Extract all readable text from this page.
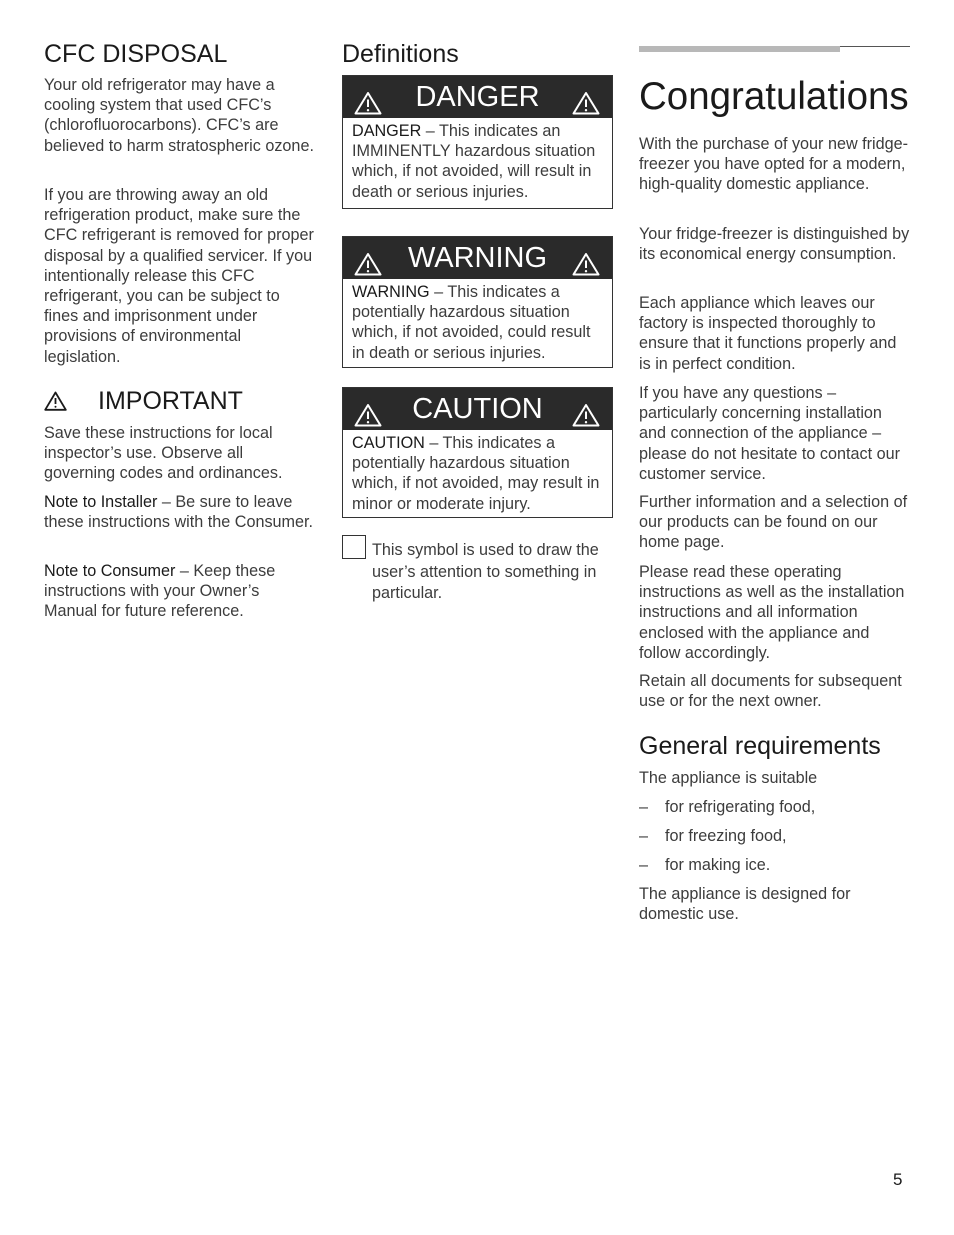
CFC DISPOSAL

Your old refrigerator may have a cooling system that used CFC’s (chlorofluorocarbons). CFC’s are believed to harm stratospheric ozone.

If you are throwing away an old refrigeration product, make sure the CFC refrigerant is removed for proper disposal by a qualified servicer. If you intentionally release this CFC refrigerant, you can be subject to fines and imprisonment under provisions of environmental legislation.

IMPORTANT

Save these instructions for local inspector’s use. Observe all governing codes and ordinances.

Note to Installer – Be sure to leave these instructions with the Consumer.

Note to Consumer – Keep these instructions with your Owner’s Manual for future reference.

Definitions
DANGER
DANGER – This indicates an IMMINENTLY hazardous situation which, if not avoided, will result in death or serious injuries.
WARNING
WARNING – This indicates a potentially hazardous situation which, if not avoided, could result in death or serious injuries.
CAUTION
CAUTION – This indicates a potentially hazardous situation which, if not avoided, may result in minor or moderate injury.

This symbol is used to draw the user’s attention to something in particular.

Congratulations

With the purchase of your new fridge-freezer you have opted for a modern, high-quality domestic appliance.

Your fridge-freezer is distinguished by its economical energy consumption.

Each appliance which leaves our factory is inspected thoroughly to ensure that it functions properly and is in perfect condition.

If you have any questions – particularly concerning installation and connection of the appliance – please do not hesitate to contact our customer service.

Further information and a selection of our products can be found on our home page.

Please read these operating instructions as well as the installation instructions and all information enclosed with the appliance and follow accordingly.

Retain all documents for subsequent use or for the next owner.

General requirements

The appliance is suitable

– for refrigerating food,
– for freezing food,
– for making ice.

The appliance is designed for domestic use.

5
